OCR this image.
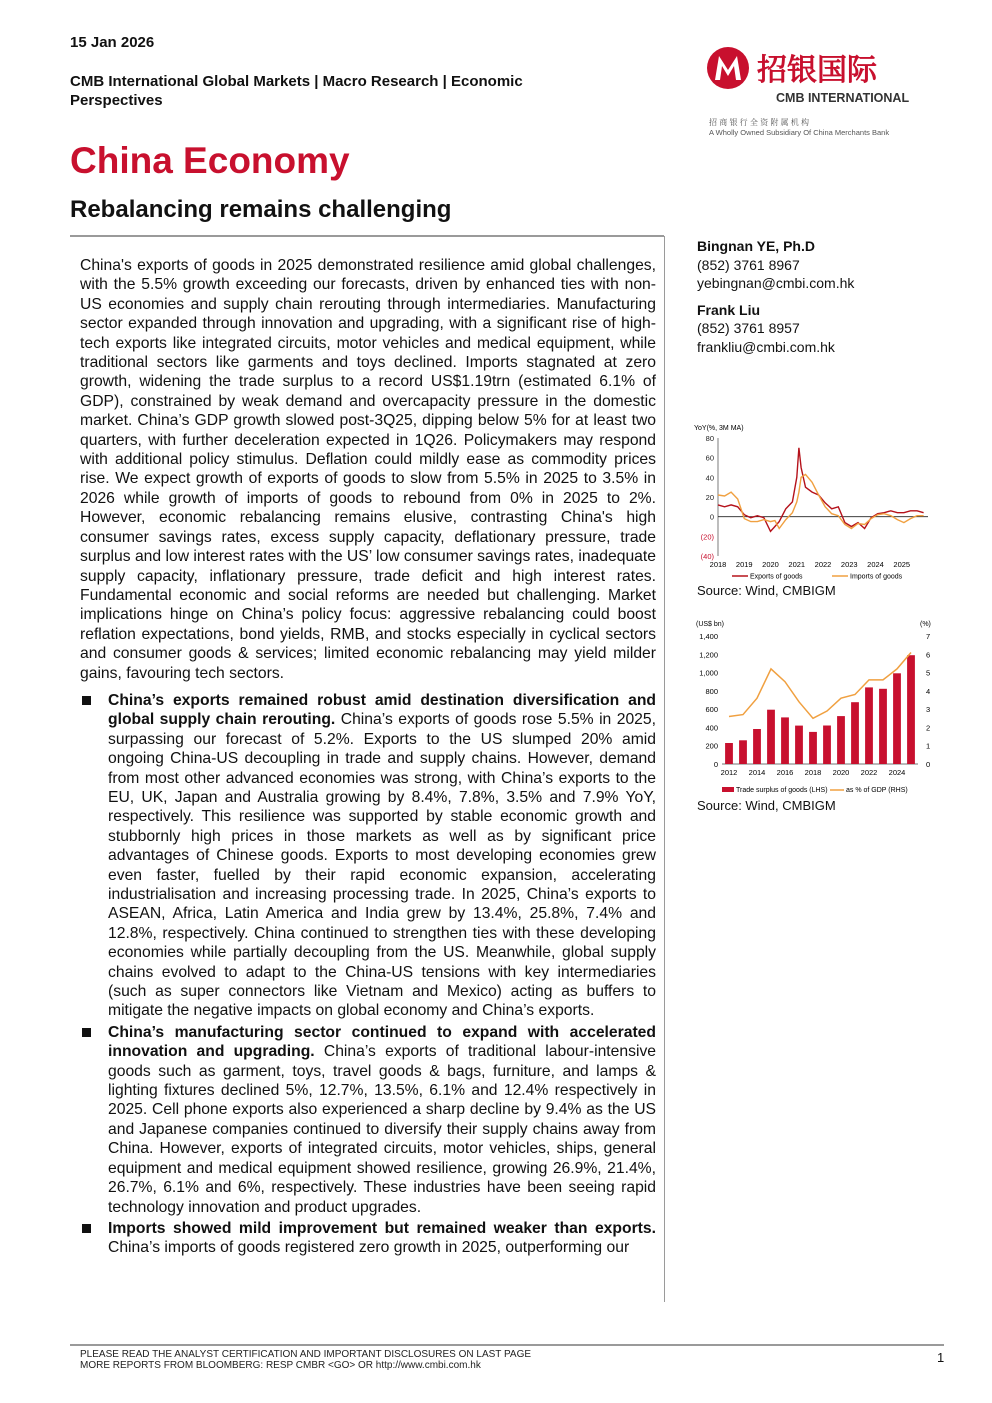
15 Jan 2026
CMB International Global Markets | Macro Research | Economic Perspectives
招银国际
CMB INTERNATIONAL
招 商 银 行 全 资 附 属 机 构
A Wholly Owned Subsidiary Of China Merchants Bank
China Economy
Rebalancing remains challenging

China's exports of goods in 2025 demonstrated resilience amid global challenges, with the 5.5% growth exceeding our forecasts, driven by enhanced ties with non-US economies and supply chain rerouting through intermediaries. Manufacturing sector expanded through innovation and upgrading, with a significant rise of high-tech exports like integrated circuits, motor vehicles and medical equipment, while traditional sectors like garments and toys declined. Imports stagnated at zero growth, widening the trade surplus to a record US$1.19trn (estimated 6.1% of GDP), constrained by weak demand and overcapacity pressure in the domestic market. China’s GDP growth slowed post-3Q25, dipping below 5% for at least two quarters, with further deceleration expected in 1Q26. Policymakers may respond with additional policy stimulus. Deflation could mildly ease as commodity prices rise. We expect growth of exports of goods to slow from 5.5% in 2025 to 3.5% in 2026 while growth of imports of goods to rebound from 0% in 2025 to 2%. However, economic rebalancing remains elusive, contrasting China's high consumer savings rates, excess supply capacity, deflationary pressure, trade surplus and low interest rates with the US’ low consumer savings rates, inadequate supply capacity, inflationary pressure, trade deficit and high interest rates. Fundamental economic and social reforms are needed but challenging. Market implications hinge on China’s policy focus: aggressive rebalancing could boost reflation expectations, bond yields, RMB, and stocks especially in cyclical sectors and consumer goods & services; limited economic rebalancing may yield milder gains, favouring tech sectors.

China’s exports remained robust amid destination diversification and global supply chain rerouting. China’s exports of goods rose 5.5% in 2025, surpassing our forecast of 5.2%. Exports to the US slumped 20% amid ongoing China-US decoupling in trade and supply chains. However, demand from most other advanced economies was strong, with China’s exports to the EU, UK, Japan and Australia growing by 8.4%, 7.8%, 3.5% and 7.9% YoY, respectively. This resilience was supported by stable economic growth and stubbornly high prices in those markets as well as by significant price advantages of Chinese goods. Exports to most developing economies grew even faster, fuelled by their rapid economic expansion, accelerating industrialisation and increasing processing trade. In 2025, China’s exports to ASEAN, Africa, Latin America and India grew by 13.4%, 25.8%, 7.4% and 12.8%, respectively. China continued to strengthen ties with these developing economies while partially decoupling from the US. Meanwhile, global supply chains evolved to adapt to the China-US tensions with key intermediaries (such as super connectors like Vietnam and Mexico) acting as buffers to mitigate the negative impacts on global economy and China’s exports.
China’s manufacturing sector continued to expand with accelerated innovation and upgrading. China’s exports of traditional labour-intensive goods such as garment, toys, travel goods & bags, furniture, and lamps & lighting fixtures declined 5%, 12.7%, 13.5%, 6.1% and 12.4% respectively in 2025. Cell phone exports also experienced a sharp decline by 9.4% as the US and Japanese companies continued to diversify their supply chains away from China. However, exports of integrated circuits, motor vehicles, ships, general equipment and medical equipment showed resilience, growing 26.9%, 21.4%, 26.7%, 6.1% and 6%, respectively. These industries have been seeing rapid technology innovation and product upgrades.
Imports showed mild improvement but remained weaker than exports. China’s imports of goods registered zero growth in 2025, outperforming our
Bingnan YE, Ph.D
(852) 3761 8967
yebingnan@cmbi.com.hk
Frank Liu
(852) 3761 8957
frankliu@cmbi.com.hk
YoY(%, 3M MA)
80
60
40
20
0
(20)
(40)
2018 2019 2020 2021 2022 2023 2024 2025
Exports of goods	Imports of goods
Source: Wind, CMBIGM
(US$ bn)	(%)
1,400
1,200
1,000
800
600
400
200
0
7
6
5
4
3
2
1
0
2012 2014 2016 2018 2020 2022 2024
Trade surplus of goods (LHS)	as % of GDP (RHS)
Source: Wind, CMBIGM
PLEASE READ THE ANALYST CERTIFICATION AND IMPORTANT DISCLOSURES ON LAST PAGE
MORE REPORTS FROM BLOOMBERG: RESP CMBR <GO> OR http://www.cmbi.com.hk
1
